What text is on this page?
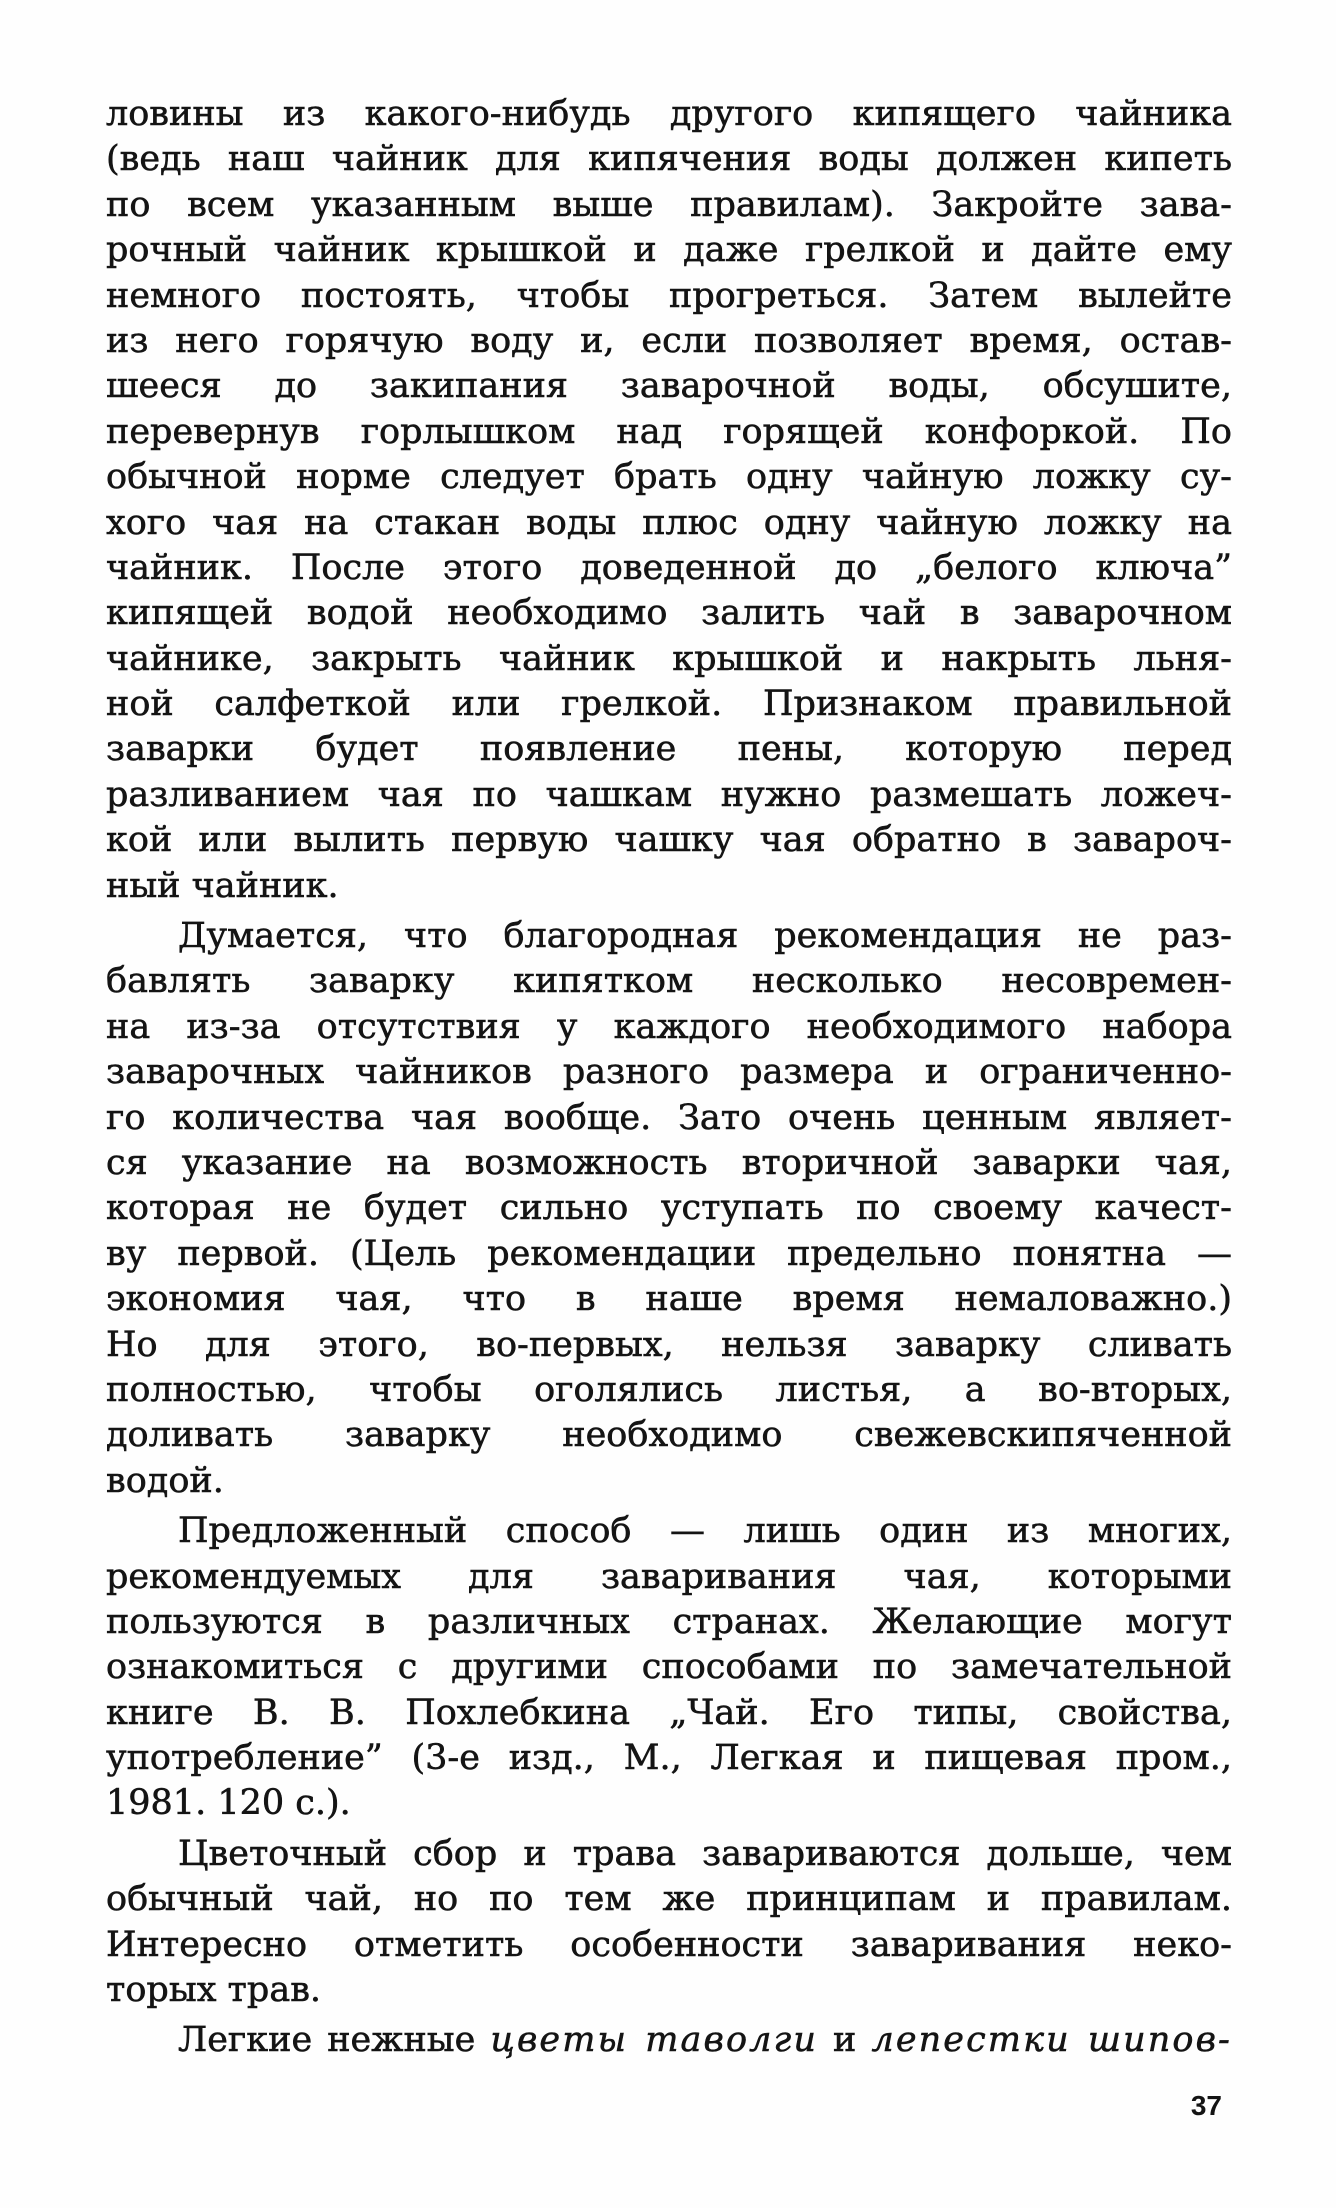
ловины из какого-нибудь другого кипящего чайника
(ведь наш чайник для кипячения воды должен кипеть
по всем указанным выше правилам). Закройте зава-
рочный чайник крышкой и даже грелкой и дайте ему
немного постоять, чтобы прогреться. Затем вылейте
из него горячую воду и, если позволяет время, остав-
шееся до закипания заварочной воды, обсушите,
перевернув горлышком над горящей конфоркой. По
обычной норме следует брать одну чайную ложку су-
хого чая на стакан воды плюс одну чайную ложку на
чайник. После этого доведенной до „белого ключа”
кипящей водой необходимо залить чай в заварочном
чайнике, закрыть чайник крышкой и накрыть льня-
ной салфеткой или грелкой. Признаком правильной
заварки будет появление пены, которую перед
разливанием чая по чашкам нужно размешать ложеч-
кой или вылить первую чашку чая обратно в завароч-
ный чайник.
Думается, что благородная рекомендация не раз-
бавлять заварку кипятком несколько несовремен-
на из-за отсутствия у каждого необходимого набора
заварочных чайников разного размера и ограниченно-
го количества чая вообще. Зато очень ценным являет-
ся указание на возможность вторичной заварки чая,
которая не будет сильно уступать по своему качест-
ву первой. (Цель рекомендации предельно понятна —
экономия чая, что в наше время немаловажно.)
Но для этого, во-первых, нельзя заварку сливать
полностью, чтобы оголялись листья, а во-вторых,
доливать заварку необходимо свежевскипяченной
водой.
Предложенный способ — лишь один из многих,
рекомендуемых для заваривания чая, которыми
пользуются в различных странах. Желающие могут
ознакомиться с другими способами по замечательной
книге В. В. Похлебкина „Чай. Его типы, свойства,
употребление” (3-е изд., М., Легкая и пищевая пром.,
1981. 120 с.).
Цветочный сбор и трава завариваются дольше, чем
обычный чай, но по тем же принципам и правилам.
Интересно отметить особенности заваривания неко-
торых трав.
Легкие нежные цветы таволги и лепестки шипов-
37
